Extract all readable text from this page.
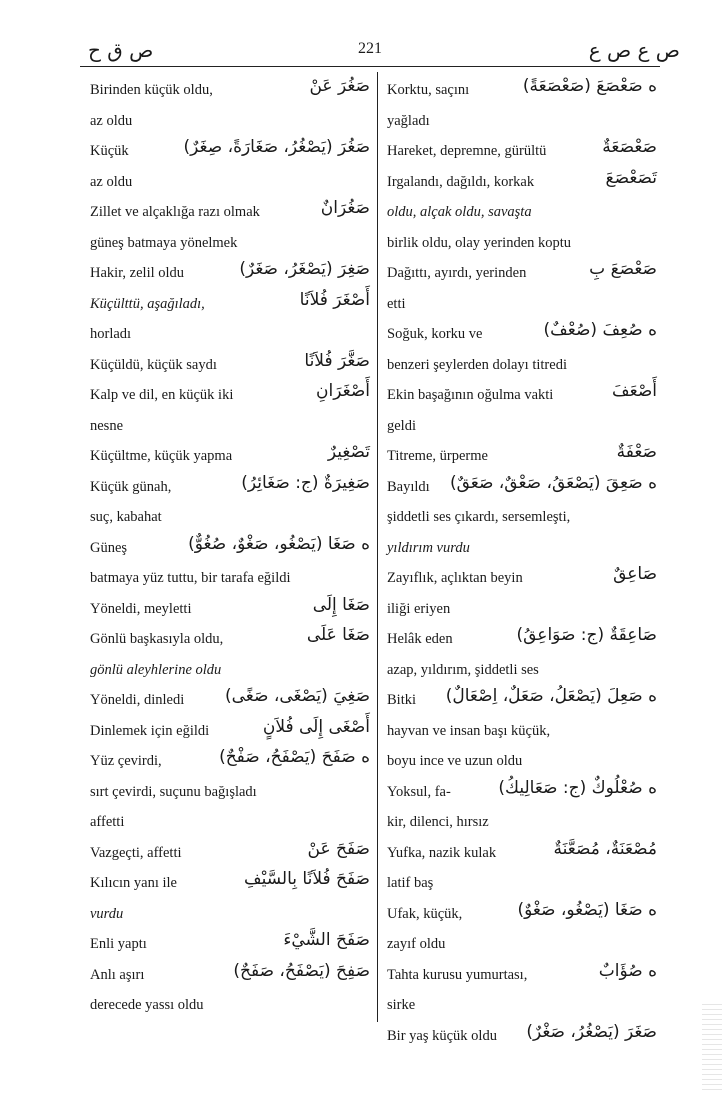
ص ق ح	221	ص ع ص ع
Birinden küçük oldu,	صَغُرَ عَنْ
az oldu
Küçük	صَغُرَ (يَصْغُرُ، صَغَارَةً، صِغَرٌ)
az oldu
Zillet ve alçaklığa razı olmak	صَغُرَانٌ
güneş batmaya yönelmek
Hakir, zelil oldu	صَغِرَ (يَصْغَرُ، صَغَرٌ)
Küçülttü, aşağıladı,	أَصْغَرَ فُلاَنًا
horladı
Küçüldü, küçük saydı	صَغَّرَ فُلاَنًا
Kalp ve dil, en küçük iki	أَصْغَرَانِ
nesne
Küçültme, küçük yapma	تَصْغِيرٌ
Küçük günah,	صَغِيرَةٌ (ج: صَغَائِرُ)
suç, kabahat
Güneş	ه صَغَا (يَصْغُو، صَغْوٌ، صُغُوٌّ)
batmaya yüz tuttu, bir tarafa eğildi
Yöneldi, meyletti	صَغَا إِلَى
Gönlü başkasıyla oldu,	صَغَا عَلَى
gönlü aleyhlerine oldu
Yöneldi, dinledi صَغِيَ (يَصْغَى، صَغًى)
Dinlemek için eğildi	أَصْغَى إِلَى فُلاَنٍ
Yüz çevirdi,	ه صَفَحَ (يَصْفَحُ، صَفْحٌ)
sırt çevirdi, suçunu bağışladı
affetti
Vazgeçti, affetti	صَفَحَ عَنْ
Kılıcın yanı ile	صَفَحَ فُلاَنًا بِالسَّيْفِ
vurdu
Enli yaptı	صَفَحَ الشَّيْءَ
Anlı aşırı	صَفِحَ (يَصْفَحُ، صَفَحٌ)
derecede yassı oldu
Korktu, saçını	ه صَعْصَعَ (صَعْصَعَةً)
yağladı
Hareket, depremne, gürültü	صَعْصَعَةٌ
Irgalandı, dağıldı, korkak	تَصَعْصَعَ
oldu, alçak oldu, savaşta
birlik oldu, olay yerinden koptu
Dağıttı, ayırdı, yerinden	صَعْصَعَ بِ
etti
Soğuk, korku ve	ه صُعِفَ (صُعْفٌ)
benzeri şeylerden dolayı titredi
Ekin başağının oğulma vakti	أَصْعَفَ
geldi
Titreme, ürperme	صَعْفَةٌ
Bayıldı ه صَعِقَ (يَصْعَقُ، صَعْقٌ، صَعَقٌ)
şiddetli ses çıkardı, sersemleşti,
yıldırım vurdu
Zayıflık, açlıktan beyin	صَاعِقٌ
iliği eriyen
Helâk eden	صَاعِقَةٌ (ج: صَوَاعِقُ)
azap, yıldırım, şiddetli ses
Bitki ه صَعِلَ (يَصْعَلُ، صَعَلٌ، اِصْعَالٌ)
hayvan ve insan başı küçük,
boyu ince ve uzun oldu
Yoksul, fa-	ه صُعْلُوكٌ (ج: صَعَالِيكُ)
kir, dilenci, hırsız
Yufka, nazik kulak	مُصْعَنَةٌ، مُصَعَّنَةٌ
latif baş
Ufak, küçük,	ه صَغَا (يَصْغُو، صَغْوٌ)
zayıf oldu
Tahta kurusu yumurtası,	ه صُؤَابٌ
sirke
Bir yaş küçük oldu صَغَرَ (يَصْغُرُ، صَغْرٌ)
